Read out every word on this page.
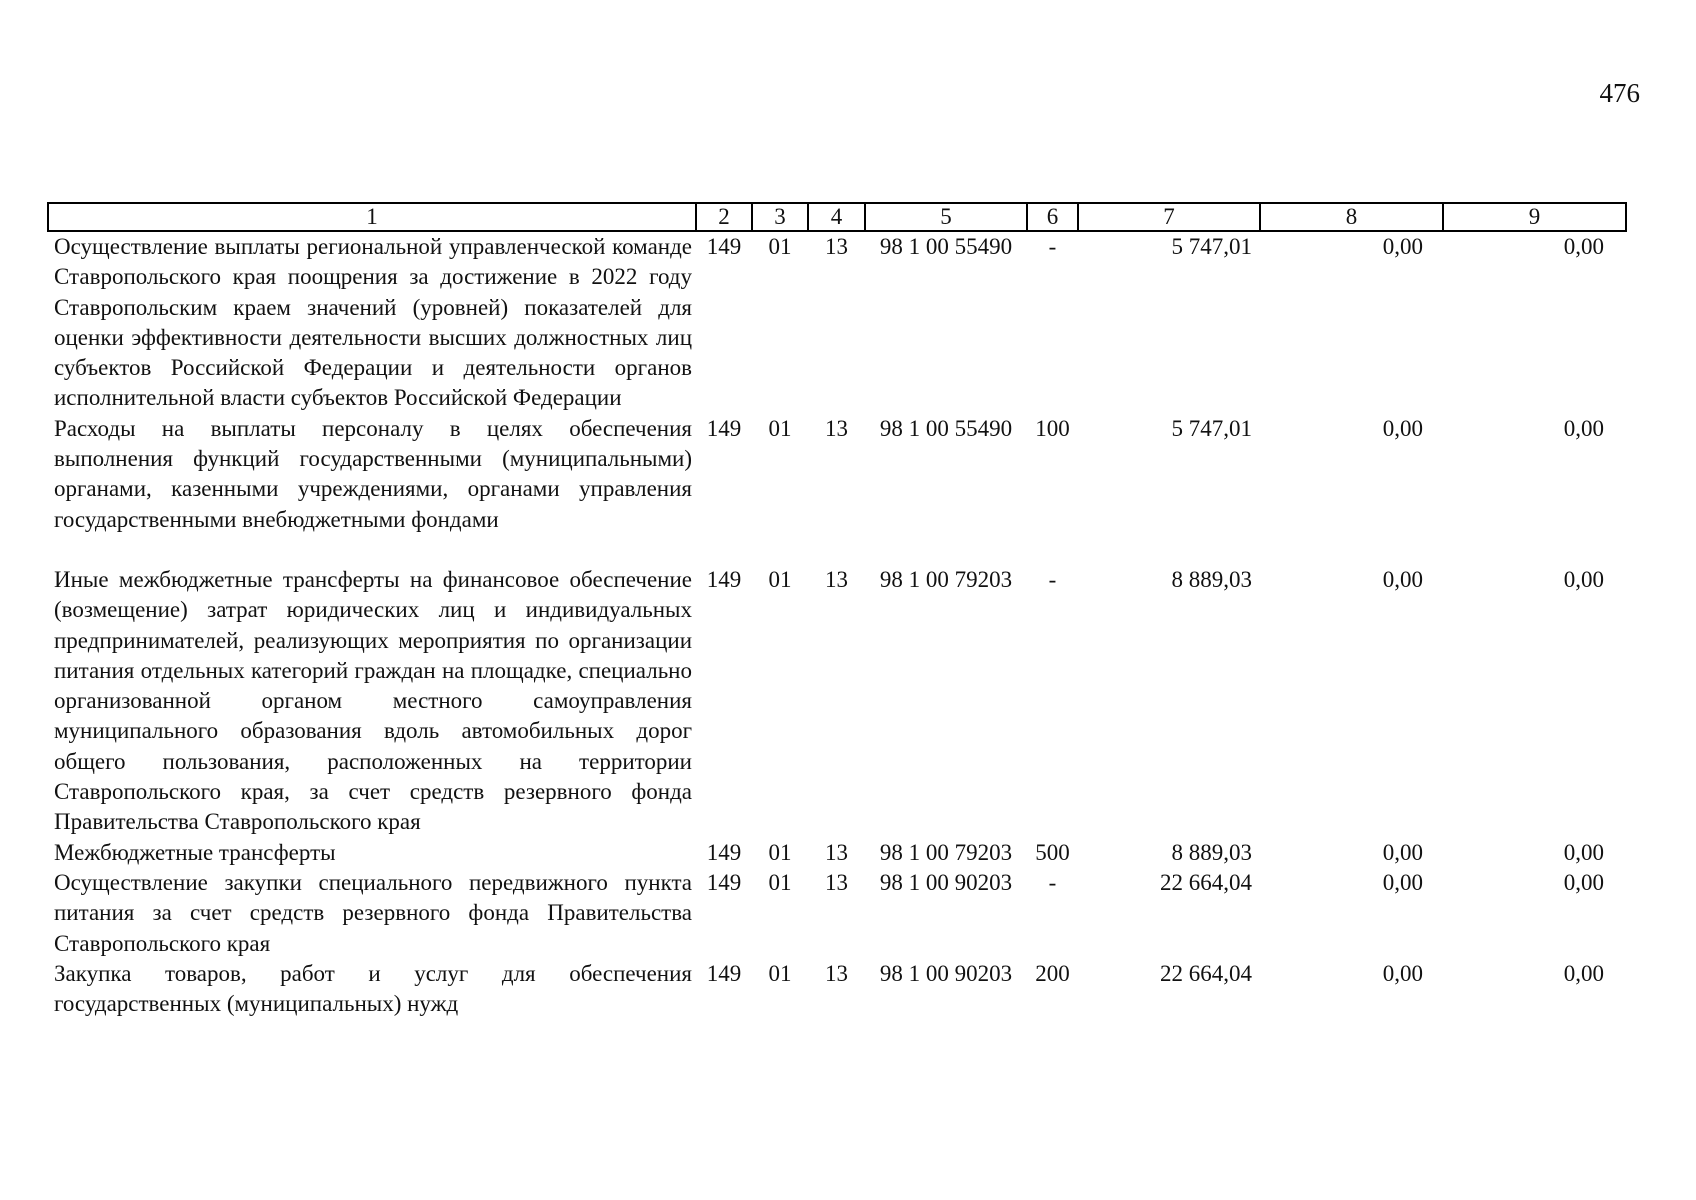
476
1	2	3	4	5	6	7	8	9
Осуществление выплаты региональной управленческой команде Ставропольского края поощрения за достижение в 2022 году Ставропольским краем значений (уровней) показателей для оценки эффективности деятельности высших должностных лиц субъектов Российской Федерации и деятельности органов исполнительной власти субъектов Российской Федерации	149	01	13	98 1 00 55490	-	5 747,01	0,00	0,00
Расходы на выплаты персоналу в целях обеспечения выполнения функций государственными (муниципальными) органами, казенными учреждениями, органами управления государственными внебюджетными фондами	149	01	13	98 1 00 55490	100	5 747,01	0,00	0,00
Иные межбюджетные трансферты на финансовое обеспечение (возмещение) затрат юридических лиц и индивидуальных предпринимателей, реализующих мероприятия по организации питания отдельных категорий граждан на площадке, специально организованной органом местного самоуправления муниципального образования вдоль автомобильных дорог общего пользования, расположенных на территории Ставропольского края, за счет средств резервного фонда Правительства Ставропольского края	149	01	13	98 1 00 79203	-	8 889,03	0,00	0,00
Межбюджетные трансферты	149	01	13	98 1 00 79203	500	8 889,03	0,00	0,00
Осуществление закупки специального передвижного пункта питания за счет средств резервного фонда Правительства Ставропольского края	149	01	13	98 1 00 90203	-	22 664,04	0,00	0,00
Закупка товаров, работ и услуг для обеспечения государственных (муниципальных) нужд	149	01	13	98 1 00 90203	200	22 664,04	0,00	0,00
